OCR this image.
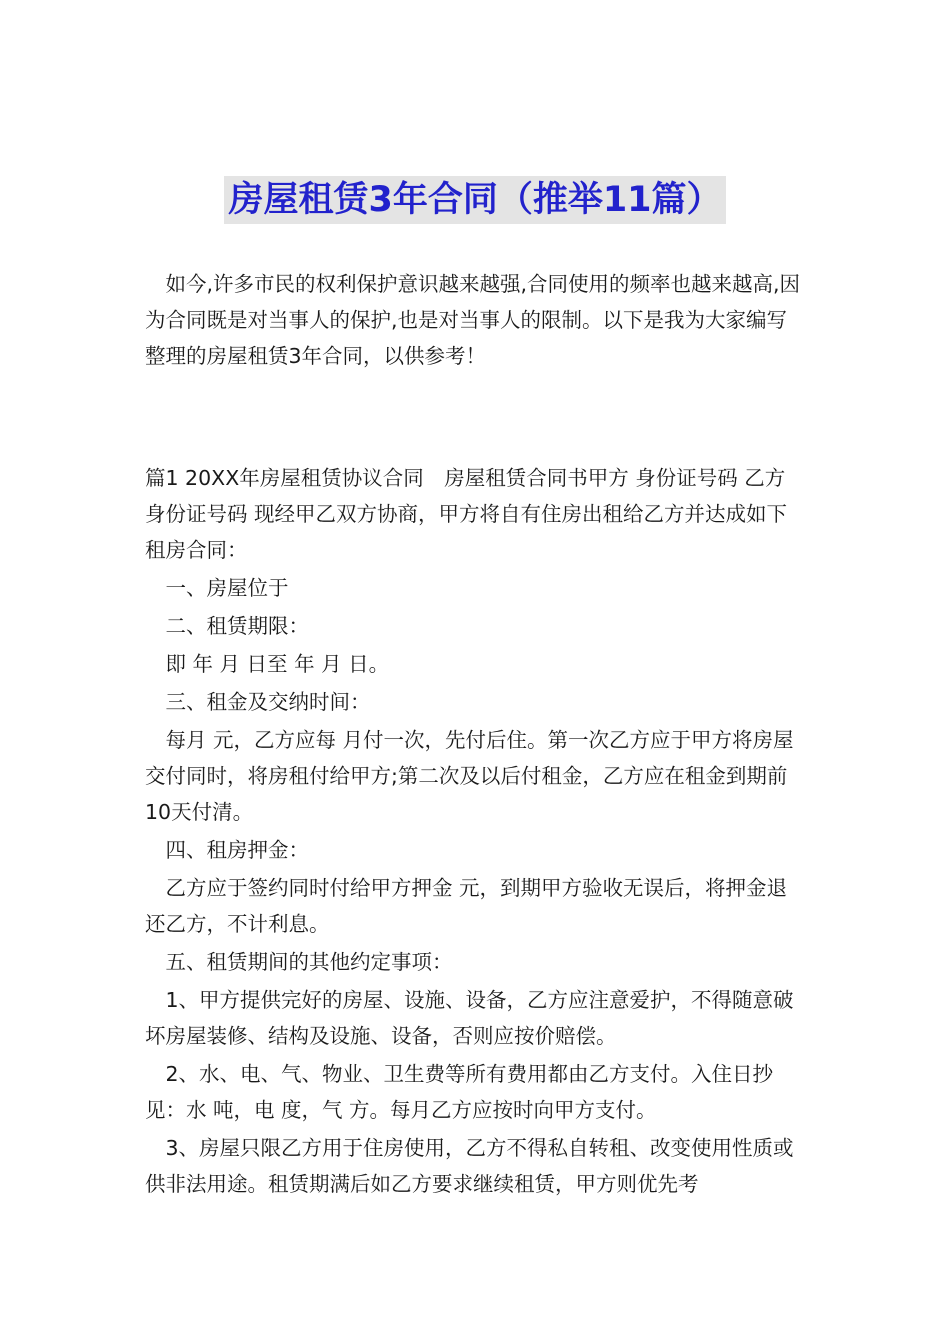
房屋租赁3年合同（推举11篇）

如今,许多市民的权利保护意识越来越强,合同使用的频率也越来越高,因为合同既是对当事人的保护,也是对当事人的限制。以下是我为大家编写整理的房屋租赁3年合同，以供参考！

篇1 20XX年房屋租赁协议合同　房屋租赁合同书甲方 身份证号码 乙方 身份证号码 现经甲乙双方协商，甲方将自有住房出租给乙方并达成如下租房合同：

一、房屋位于

二、租赁期限：

即 年 月 日至 年 月 日。

三、租金及交纳时间：

每月 元，乙方应每 月付一次，先付后住。第一次乙方应于甲方将房屋交付同时，将房租付给甲方;第二次及以后付租金，乙方应在租金到期前10天付清。

四、租房押金：

乙方应于签约同时付给甲方押金 元，到期甲方验收无误后，将押金退还乙方，不计利息。

五、租赁期间的其他约定事项：

1、甲方提供完好的房屋、设施、设备，乙方应注意爱护，不得随意破坏房屋装修、结构及设施、设备，否则应按价赔偿。

2、水、电、气、物业、卫生费等所有费用都由乙方支付。入住日抄见：水 吨，电 度，气 方。每月乙方应按时向甲方支付。

3、房屋只限乙方用于住房使用，乙方不得私自转租、改变使用性质或供非法用途。租赁期满后如乙方要求继续租赁，甲方则优先考
